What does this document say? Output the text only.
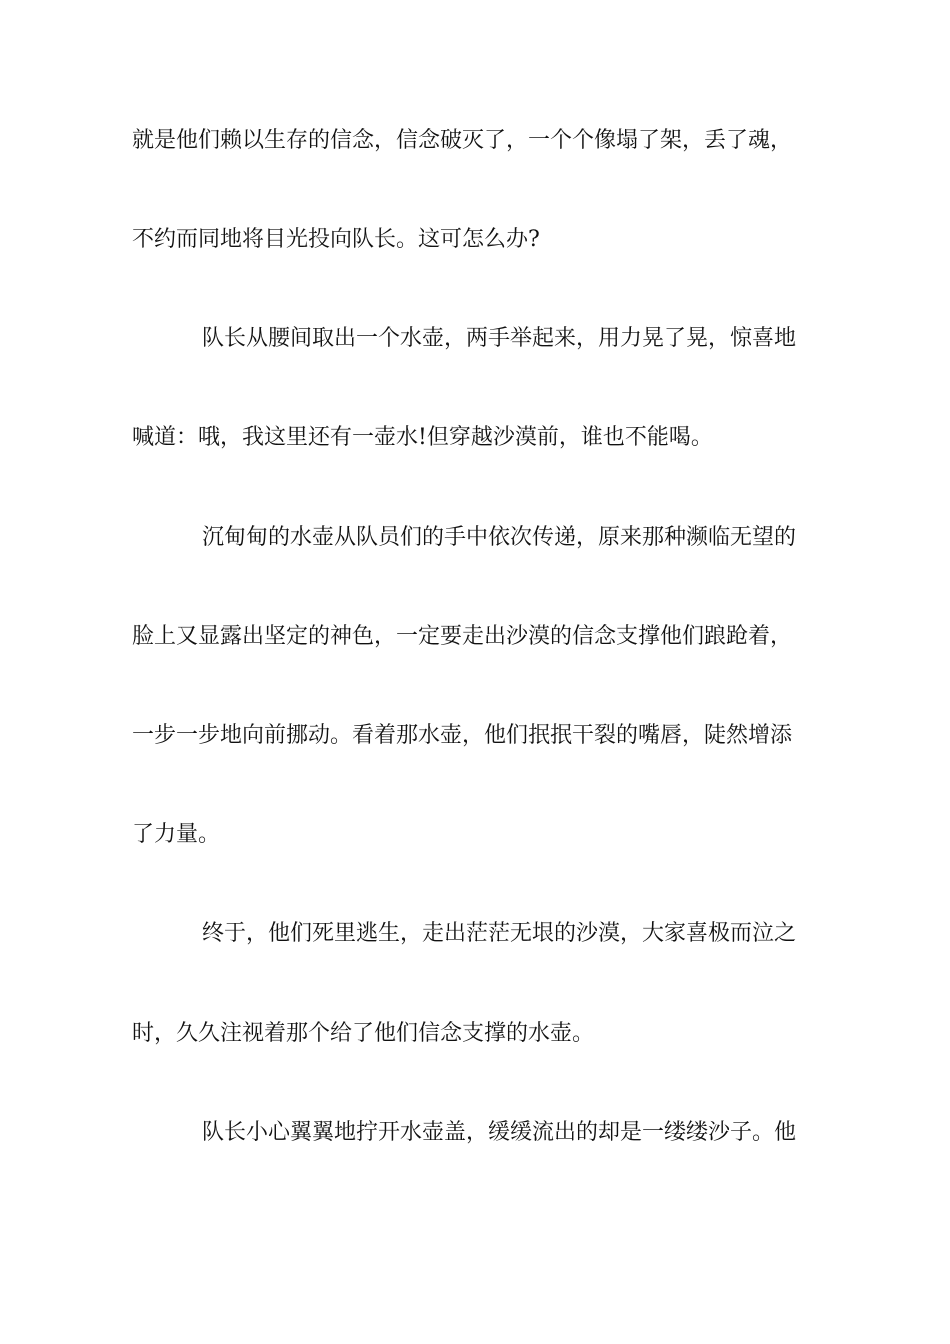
就是他们赖以生存的信念，信念破灭了，一个个像塌了架，丢了魂，
不约而同地将目光投向队长。这可怎么办?
队长从腰间取出一个水壶，两手举起来，用力晃了晃，惊喜地
喊道：哦，我这里还有一壶水!但穿越沙漠前，谁也不能喝。
沉甸甸的水壶从队员们的手中依次传递，原来那种濒临无望的
脸上又显露出坚定的神色，一定要走出沙漠的信念支撑他们踉跄着，
一步一步地向前挪动。看着那水壶，他们抿抿干裂的嘴唇，陡然增添
了力量。
终于，他们死里逃生，走出茫茫无垠的沙漠，大家喜极而泣之
时，久久注视着那个给了他们信念支撑的水壶。
队长小心翼翼地拧开水壶盖，缓缓流出的却是一缕缕沙子。他
